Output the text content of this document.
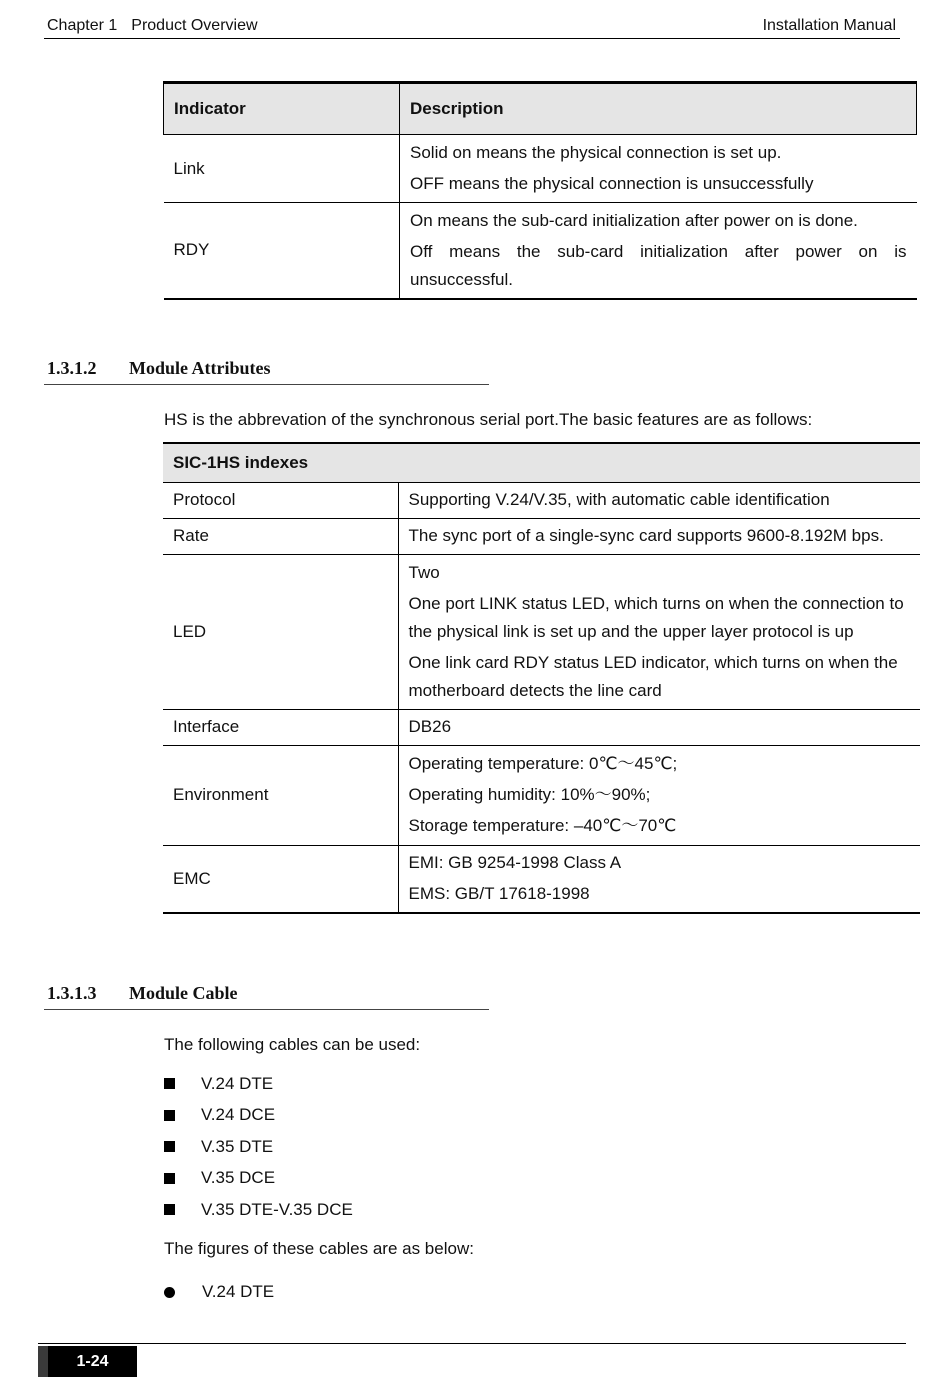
Chapter 1 Product Overview	Installation Manual
Indicator	Description
Link	Solid on means the physical connection is set up.

OFF means the physical connection is unsuccessfully

RDY	On means the sub-card initialization after power on is done.

Off means the sub-card initialization after power on is unsuccessful.

1.3.1.2 Module Attributes
HS is the abbrevation of the synchronous serial port.The basic features are as follows:
SIC-1HS indexes	
Protocol	Supporting V.24/V.35, with automatic cable identification
Rate	The sync port of a single-sync card supports 9600-8.192M bps.
LED	Two

One port LINK status LED, which turns on when the connection to the physical link is set up and the upper layer protocol is up

One link card RDY status LED indicator, which turns on when the motherboard detects the line card

Interface	DB26
Environment	Operating temperature: 0℃～45℃;

Operating humidity: 10%～90%;

Storage temperature: –40℃～70℃

EMC	EMI: GB 9254-1998 Class A

EMS: GB/T 17618-1998

1.3.1.3 Module Cable
The following cables can be used:
V.24 DTE
V.24 DCE
V.35 DTE
V.35 DCE
V.35 DTE-V.35 DCE
The figures of these cables are as below:
V.24 DTE
1-24
